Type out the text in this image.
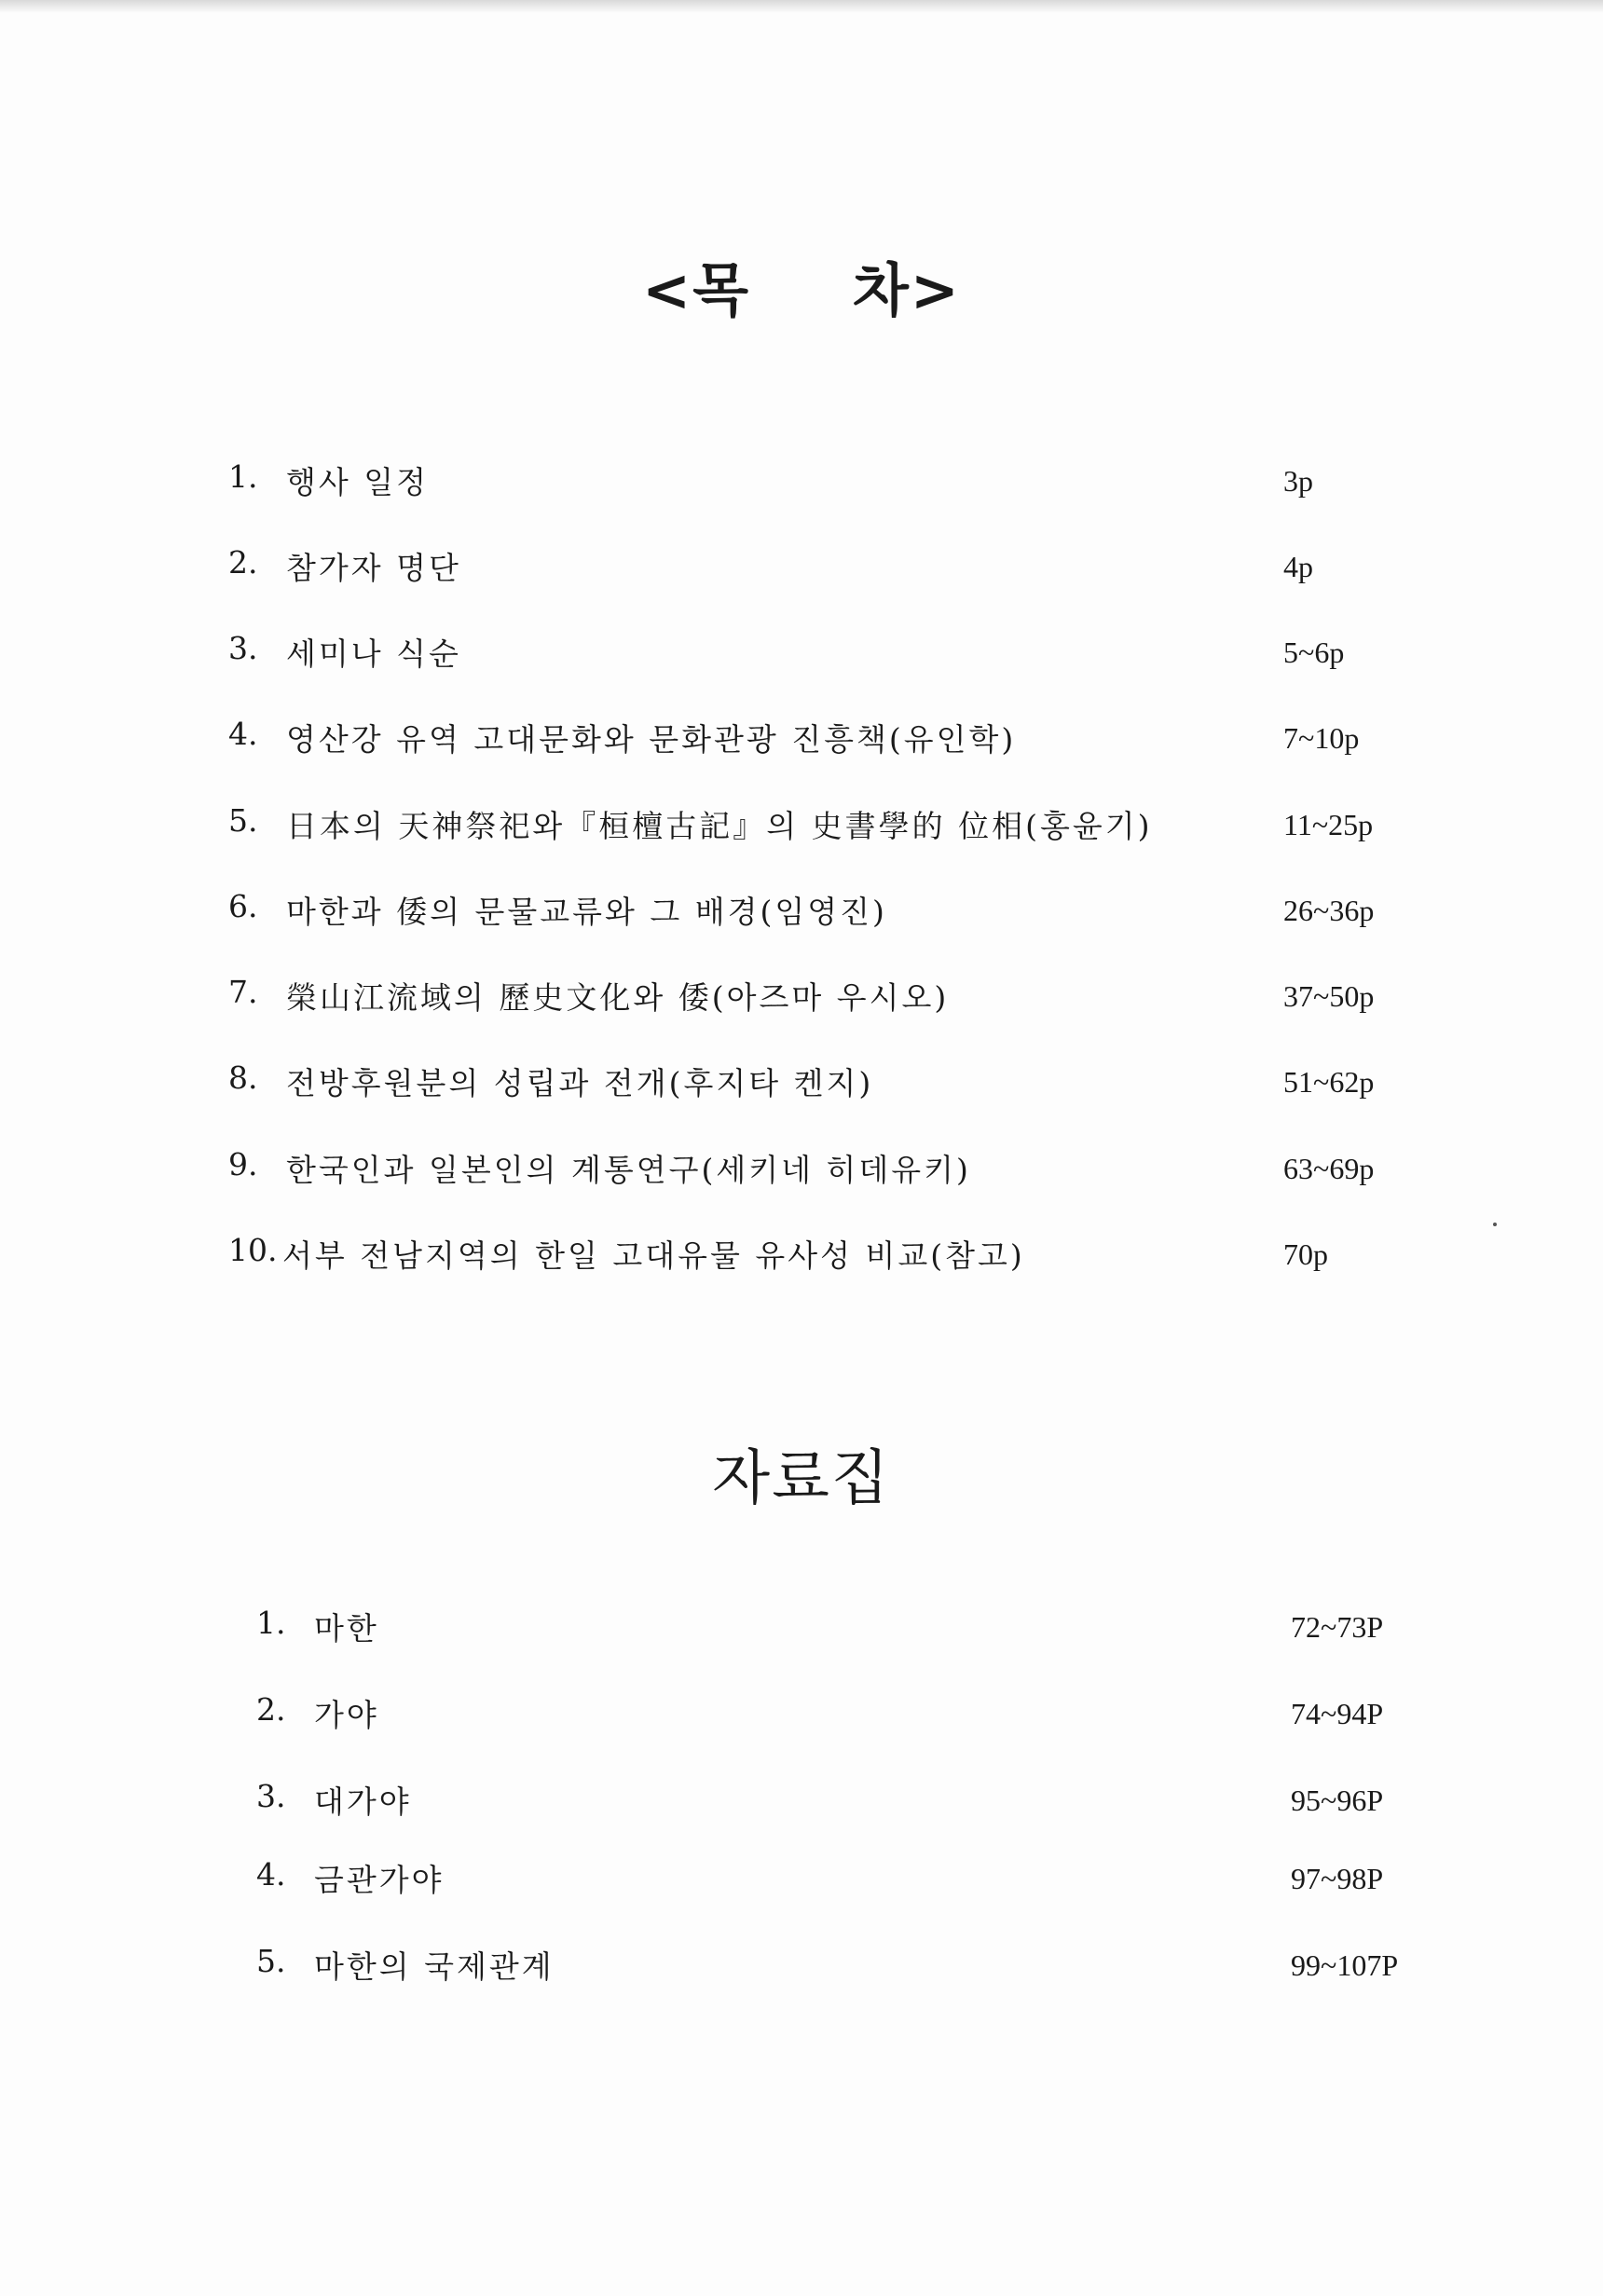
<목 차>
1. 행사 일정	3p
2. 참가자 명단	4p
3. 세미나 식순	5~6p
4. 영산강 유역 고대문화와 문화관광 진흥책(유인학)	7~10p
5. 日本의 天神祭祀와『桓檀古記』의 史書學的 位相(홍윤기)	11~25p
6. 마한과 倭의 문물교류와 그 배경(임영진)	26~36p
7. 榮山江流域의 歷史文化와 倭(아즈마 우시오)	37~50p
8. 전방후원분의 성립과 전개(후지타 켄지)	51~62p
9. 한국인과 일본인의 계통연구(세키네 히데유키)	63~69p
10. 서부 전남지역의 한일 고대유물 유사성 비교(참고)	70p
자료집
1. 마한	72~73P
2. 가야	74~94P
3. 대가야	95~96P
4. 금관가야	97~98P
5. 마한의 국제관계	99~107P
